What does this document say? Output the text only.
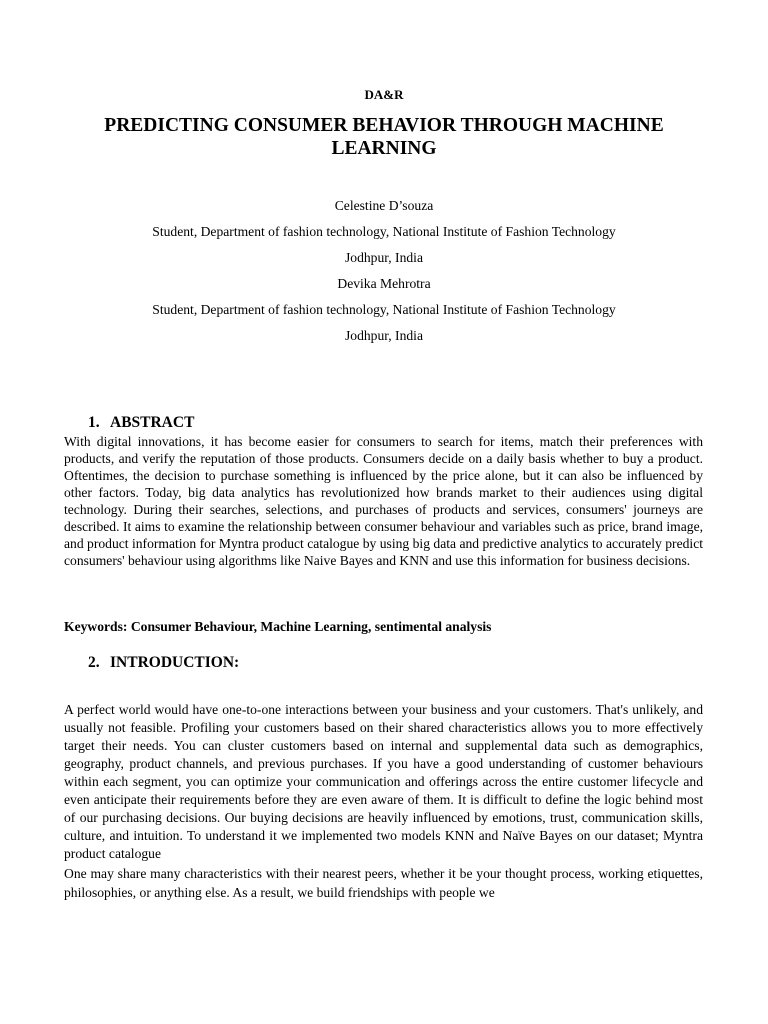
DA&R
PREDICTING CONSUMER BEHAVIOR THROUGH MACHINE LEARNING
Celestine D’souza
Student, Department of fashion technology, National Institute of Fashion Technology
Jodhpur, India
Devika Mehrotra
Student, Department of fashion technology, National Institute of Fashion Technology
Jodhpur, India
1. ABSTRACT

With digital innovations, it has become easier for consumers to search for items, match their preferences with products, and verify the reputation of those products. Consumers decide on a daily basis whether to buy a product. Oftentimes, the decision to purchase something is influenced by the price alone, but it can also be influenced by other factors. Today, big data analytics has revolutionized how brands market to their audiences using digital technology. During their searches, selections, and purchases of products and services, consumers' journeys are described. It aims to examine the relationship between consumer behaviour and variables such as price, brand image, and product information for Myntra product catalogue by using big data and predictive analytics to accurately predict consumers' behaviour using algorithms like Naive Bayes and KNN and use this information for business decisions.

Keywords: Consumer Behaviour, Machine Learning, sentimental analysis

2. INTRODUCTION:

A perfect world would have one-to-one interactions between your business and your customers. That's unlikely, and usually not feasible. Profiling your customers based on their shared characteristics allows you to more effectively target their needs. You can cluster customers based on internal and supplemental data such as demographics, geography, product channels, and previous purchases. If you have a good understanding of customer behaviours within each segment, you can optimize your communication and offerings across the entire customer lifecycle and even anticipate their requirements before they are even aware of them. It is difficult to define the logic behind most of our purchasing decisions. Our buying decisions are heavily influenced by emotions, trust, communication skills, culture, and intuition. To understand it we implemented two models KNN and Naïve Bayes on our dataset; Myntra product catalogue

One may share many characteristics with their nearest peers, whether it be your thought process, working etiquettes, philosophies, or anything else. As a result, we build friendships with people we
